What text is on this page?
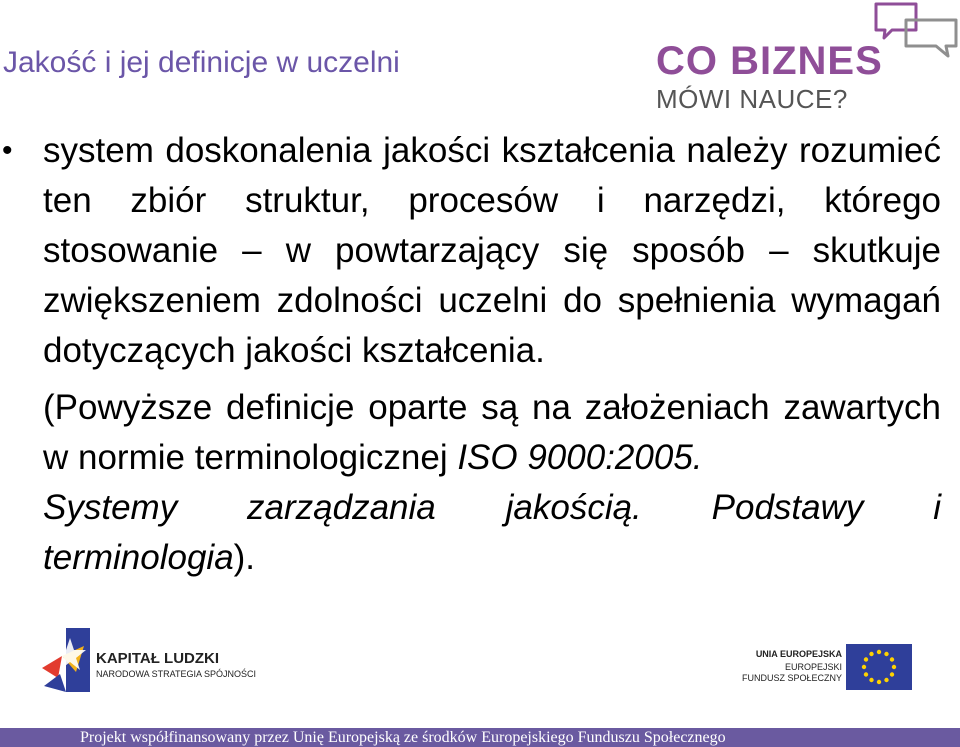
Jakość i jej definicje w uczelni	CO BIZNES
MÓWI NAUCE?
• system doskonalenia jakości kształcenia należy rozumieć ten zbiór struktur, procesów i narzędzi, którego stosowanie – w powtarzający się sposób – skutkuje zwiększeniem zdolności uczelni do spełnienia wymagań dotyczących jakości kształcenia.

(Powyższe definicje oparte są na założeniach zawartych w normie terminologicznej ISO 9000:2005.
Systemy zarządzania jakością. Podstawy i
terminologia).
KAPITAŁ LUDZKI
NARODOWA STRATEGIA SPÓJNOŚCI
UNIA EUROPEJSKA
EUROPEJSKI
FUNDUSZ SPOŁECZNY
Projekt współfinansowany przez Unię Europejską ze środków Europejskiego Funduszu Społecznego
